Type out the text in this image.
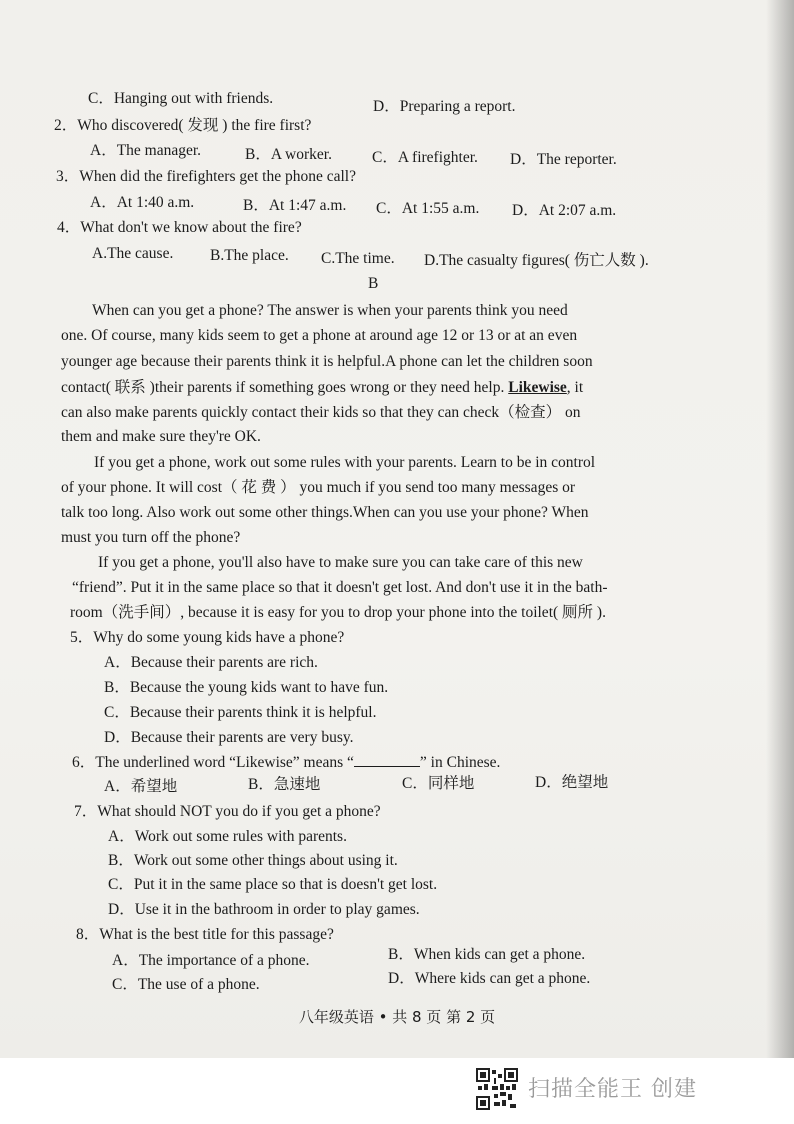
C．Hanging out with friends.	D．Preparing a report.
2．Who discovered( 发现 ) the fire first?
A．The manager.	B．A worker.	C．A firefighter. D．The reporter.
3．When did the firefighters get the phone call?
A．At 1:40 a.m.	B．At 1:47 a.m. C．At 1:55 a.m. D．At 2:07 a.m.
4．What don't we know about the fire?
A.The cause. B.The place. C.The time. D.The casualty figures( 伤亡人数 ).
B
When can you get a phone? The answer is when your parents think you need
one. Of course, many kids seem to get a phone at around age 12 or 13 or at an even
younger age because their parents think it is helpful.A phone can let the children soon
contact( 联系 )their parents if something goes wrong or they need help. Likewise, it
can also make parents quickly contact their kids so that they can check（检查） on
them and make sure they're OK.
If you get a phone, work out some rules with your parents. Learn to be in control
of your phone. It will cost（ 花 费 ） you much if you send too many messages or
talk too long. Also work out some other things.When can you use your phone? When
must you turn off the phone?
If you get a phone, you'll also have to make sure you can take care of this new
“friend”. Put it in the same place so that it doesn't get lost. And don't use it in the bath-
room（洗手间）, because it is easy for you to drop your phone into the toilet( 厕所 ).
5．Why do some young kids have a phone?
A．Because their parents are rich.
B．Because the young kids want to have fun.
C．Because their parents think it is helpful.
D．Because their parents are very busy.
6．The underlined word “Likewise” means “	” in Chinese.
A．希望地	B．急速地	C．同样地	D．绝望地
7．What should NOT you do if you get a phone?
A．Work out some rules with parents.
B．Work out some other things about using it.
C．Put it in the same place so that is doesn't get lost.
D．Use it in the bathroom in order to play games.
8．What is the best title for this passage?
A．The importance of a phone.	B．When kids can get a phone.
C．The use of a phone.	D．Where kids can get a phone.
八年级英语 • 共 8 页 第 2 页
扫描全能王 创建
